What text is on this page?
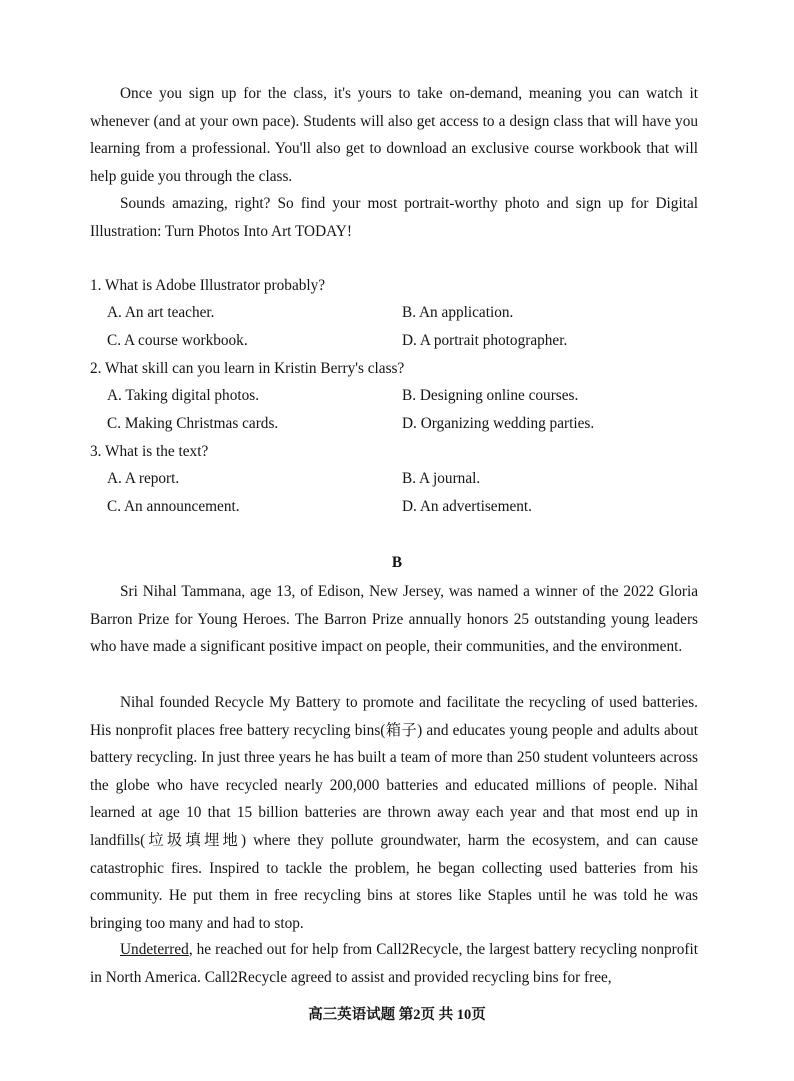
Once you sign up for the class, it's yours to take on-demand, meaning you can watch it whenever (and at your own pace). Students will also get access to a design class that will have you learning from a professional. You'll also get to download an exclusive course workbook that will help guide you through the class.

Sounds amazing, right? So find your most portrait-worthy photo and sign up for Digital Illustration: Turn Photos Into Art TODAY!

1. What is Adobe Illustrator probably?
A. An art teacher.	B. An application.
C. A course workbook.	D. A portrait photographer.
2. What skill can you learn in Kristin Berry's class?
A. Taking digital photos.	B. Designing online courses.
C. Making Christmas cards.	D. Organizing wedding parties.
3. What is the text?
A. A report.	B. A journal.
C. An announcement.	D. An advertisement.
B

Sri Nihal Tammana, age 13, of Edison, New Jersey, was named a winner of the 2022 Gloria Barron Prize for Young Heroes. The Barron Prize annually honors 25 outstanding young leaders who have made a significant positive impact on people, their communities, and the environment.

Nihal founded Recycle My Battery to promote and facilitate the recycling of used batteries. His nonprofit places free battery recycling bins(箱子) and educates young people and adults about battery recycling. In just three years he has built a team of more than 250 student volunteers across the globe who have recycled nearly 200,000 batteries and educated millions of people. Nihal learned at age 10 that 15 billion batteries are thrown away each year and that most end up in landfills(垃圾填埋地) where they pollute groundwater, harm the ecosystem, and can cause catastrophic fires. Inspired to tackle the problem, he began collecting used batteries from his community. He put them in free recycling bins at stores like Staples until he was told he was bringing too many and had to stop.

Undeterred, he reached out for help from Call2Recycle, the largest battery recycling nonprofit in North America. Call2Recycle agreed to assist and provided recycling bins for free,

高三英语试题 第2页 共 10页
